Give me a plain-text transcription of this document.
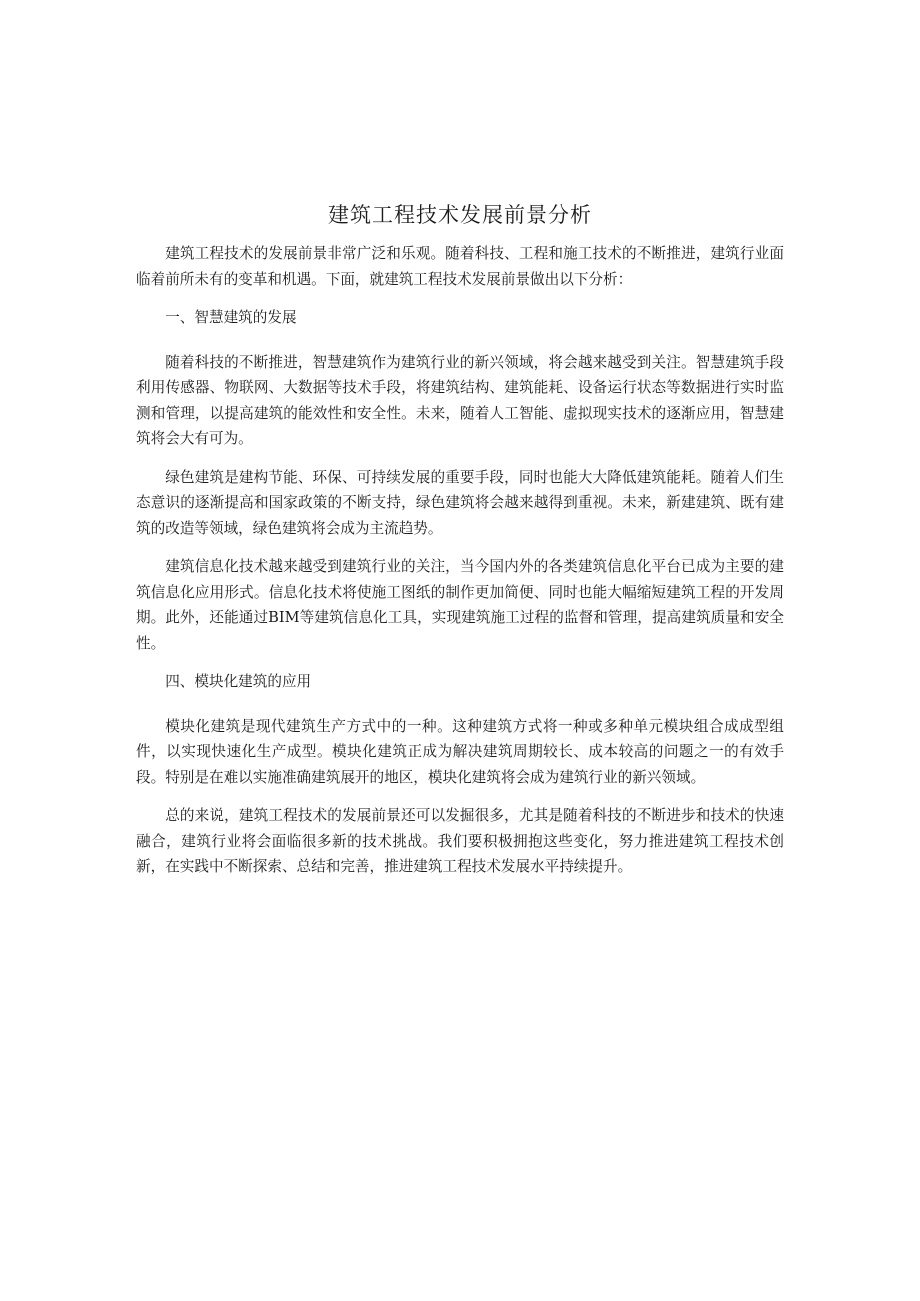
建筑工程技术发展前景分析

建筑工程技术的发展前景非常广泛和乐观。随着科技、工程和施工技术的不断推进，建筑行业面临着前所未有的变革和机遇。下面，就建筑工程技术发展前景做出以下分析：

一、智慧建筑的发展

随着科技的不断推进，智慧建筑作为建筑行业的新兴领域，将会越来越受到关注。智慧建筑手段利用传感器、物联网、大数据等技术手段，将建筑结构、建筑能耗、设备运行状态等数据进行实时监测和管理，以提高建筑的能效性和安全性。未来，随着人工智能、虚拟现实技术的逐渐应用，智慧建筑将会大有可为。

绿色建筑是建构节能、环保、可持续发展的重要手段，同时也能大大降低建筑能耗。随着人们生态意识的逐渐提高和国家政策的不断支持，绿色建筑将会越来越得到重视。未来，新建建筑、既有建筑的改造等领域，绿色建筑将会成为主流趋势。

建筑信息化技术越来越受到建筑行业的关注，当今国内外的各类建筑信息化平台已成为主要的建筑信息化应用形式。信息化技术将使施工图纸的制作更加简便、同时也能大幅缩短建筑工程的开发周期。此外，还能通过BIM等建筑信息化工具，实现建筑施工过程的监督和管理，提高建筑质量和安全性。

四、模块化建筑的应用

模块化建筑是现代建筑生产方式中的一种。这种建筑方式将一种或多种单元模块组合成成型组件，以实现快速化生产成型。模块化建筑正成为解决建筑周期较长、成本较高的问题之一的有效手段。特别是在难以实施准确建筑展开的地区，模块化建筑将会成为建筑行业的新兴领域。

总的来说，建筑工程技术的发展前景还可以发掘很多，尤其是随着科技的不断进步和技术的快速融合，建筑行业将会面临很多新的技术挑战。我们要积极拥抱这些变化，努力推进建筑工程技术创新，在实践中不断探索、总结和完善，推进建筑工程技术发展水平持续提升。
